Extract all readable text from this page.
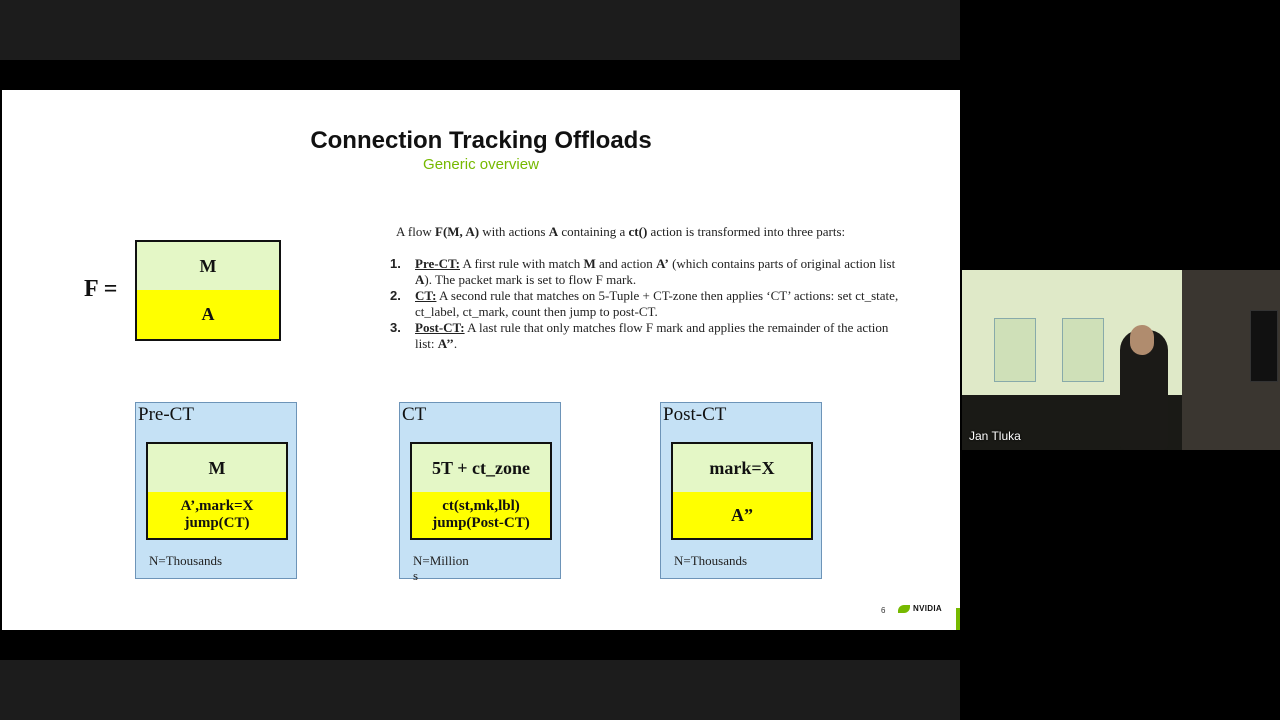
Connection Tracking Offloads
Generic overview
F =
M
A
A flow F(M, A) with actions A containing a ct() action is transformed into three parts:
1. Pre-CT: A first rule with match M and action A’ (which contains parts of original action list A). The packet mark is set to flow F mark.
2. CT: A second rule that matches on 5-Tuple + CT-zone then applies ‘CT’ actions: set ct_state, ct_label, ct_mark, count then jump to post-CT.
3. Post-CT: A last rule that only matches flow F mark and applies the remainder of the action list: A’’.
Pre-CT
M
A’,mark=X
jump(CT)
N=Thousands

CT
5T + ct_zone
ct(st,mk,lbl)
jump(Post-CT)
N=Million
s
Post-CT
mark=X
A”
N=Thousands
6	NVIDIA
Jan Tluka
